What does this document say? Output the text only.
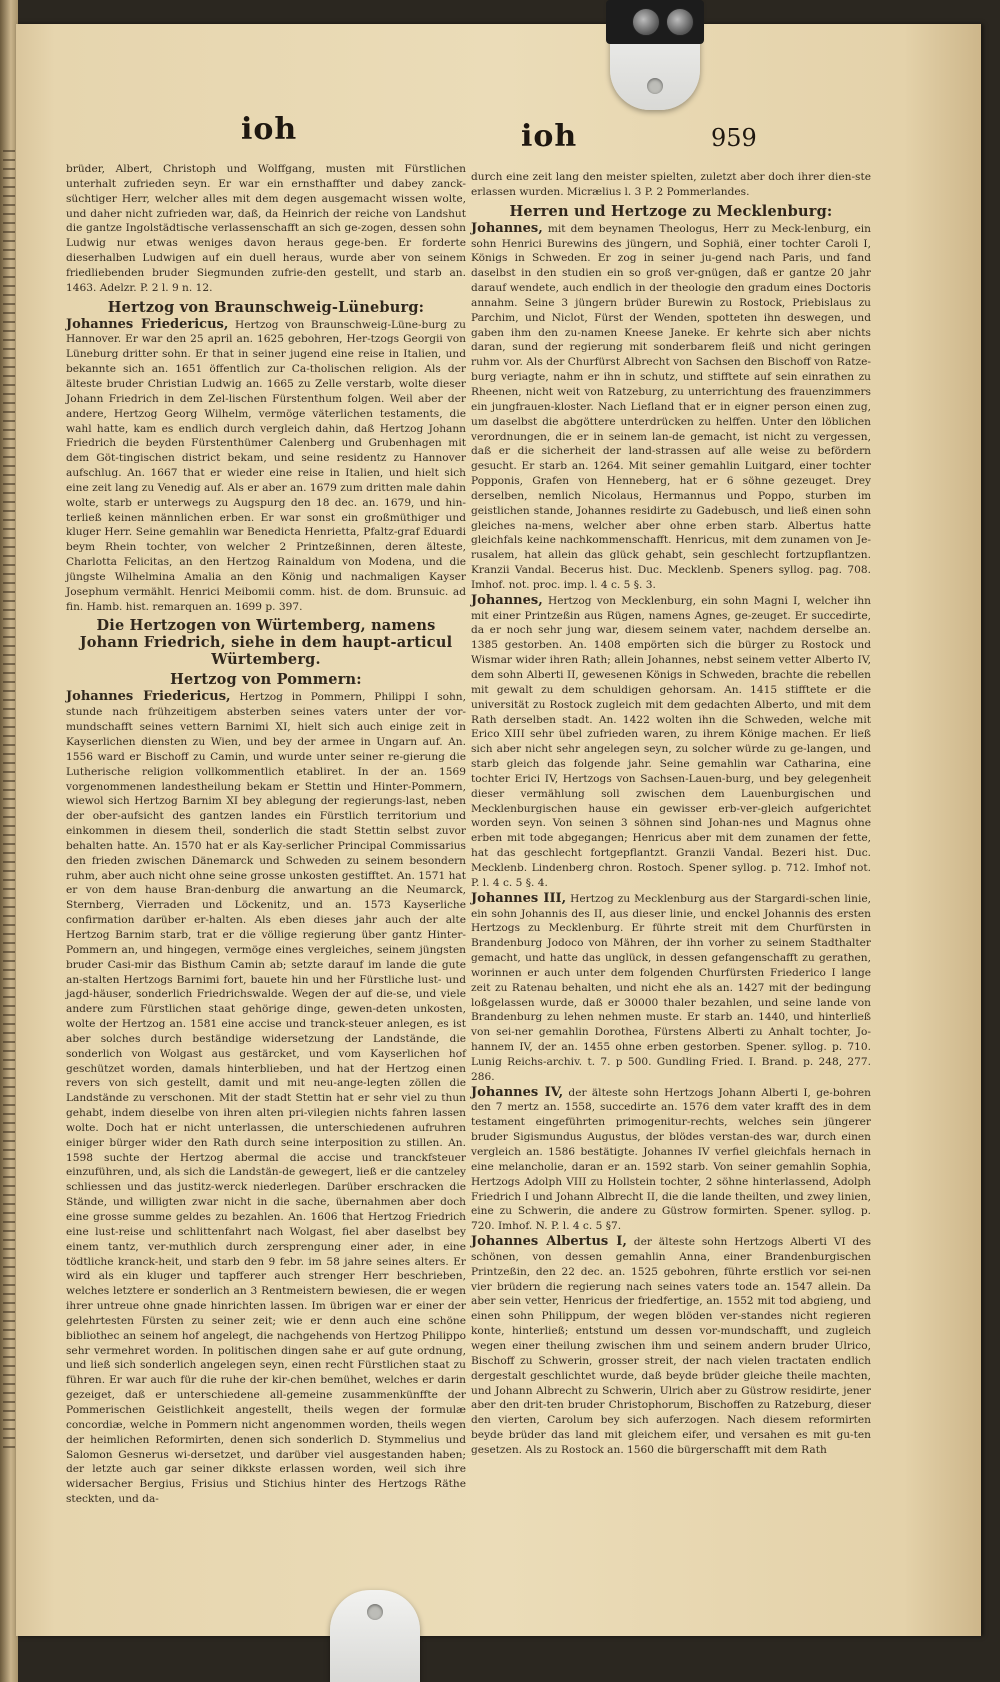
ioh	ioh	959

brüder, Albert, Christoph und Wolffgang, musten mit Fürstlichen unterhalt zufrieden seyn. Er war ein ernsthaffter und dabey zanck-süchtiger Herr, welcher alles mit dem degen ausgemacht wissen wolte, und daher nicht zufrieden war, daß, da Heinrich der reiche von Landshut die gantze Ingolstädtische verlassenschafft an sich ge-zogen, dessen sohn Ludwig nur etwas weniges davon heraus gege-ben. Er forderte dieserhalben Ludwigen auf ein duell heraus, wurde aber von seinem friedliebenden bruder Siegmunden zufrie-den gestellt, und starb an. 1463. Adelzr. P. 2 l. 9 n. 12.

Hertzog von Braunschweig-Lüneburg:

Johannes Friedericus, Hertzog von Braunschweig-Lüne-burg zu Hannover. Er war den 25 april an. 1625 gebohren, Her-tzogs Georgii von Lüneburg dritter sohn. Er that in seiner jugend eine reise in Italien, und bekannte sich an. 1651 öffentlich zur Ca-tholischen religion. Als der älteste bruder Christian Ludwig an. 1665 zu Zelle verstarb, wolte dieser Johann Friedrich in dem Zel-lischen Fürstenthum folgen. Weil aber der andere, Hertzog Georg Wilhelm, vermöge väterlichen testaments, die wahl hatte, kam es endlich durch vergleich dahin, daß Hertzog Johann Friedrich die beyden Fürstenthümer Calenberg und Grubenhagen mit dem Göt-tingischen district bekam, und seine residentz zu Hannover aufschlug. An. 1667 that er wieder eine reise in Italien, und hielt sich eine zeit lang zu Venedig auf. Als er aber an. 1679 zum dritten male dahin wolte, starb er unterwegs zu Augspurg den 18 dec. an. 1679, und hin-terließ keinen männlichen erben. Er war sonst ein großmüthiger und kluger Herr. Seine gemahlin war Benedicta Henrietta, Pfaltz-graf Eduardi beym Rhein tochter, von welcher 2 Printzeßinnen, deren älteste, Charlotta Felicitas, an den Hertzog Rainaldum von Modena, und die jüngste Wilhelmina Amalia an den König und nachmaligen Kayser Josephum vermählt. Henrici Meibomii comm. hist. de dom. Brunsuic. ad fin. Hamb. hist. remarquen an. 1699 p. 397.

Die Hertzogen von Würtemberg, namens Johann Friedrich, siehe in dem haupt-articul Würtemberg.
Hertzog von Pommern:

Johannes Friedericus, Hertzog in Pommern, Philippi I sohn, stunde nach frühzeitigem absterben seines vaters unter der vor-mundschafft seines vettern Barnimi XI, hielt sich auch einige zeit in Kayserlichen diensten zu Wien, und bey der armee in Ungarn auf. An. 1556 ward er Bischoff zu Camin, und wurde unter seiner re-gierung die Lutherische religion vollkommentlich etabliret. In der an. 1569 vorgenommenen landestheilung bekam er Stettin und Hinter-Pommern, wiewol sich Hertzog Barnim XI bey ablegung der regierungs-last, neben der ober-aufsicht des gantzen landes ein Fürstlich territorium und einkommen in diesem theil, sonderlich die stadt Stettin selbst zuvor behalten hatte. An. 1570 hat er als Kay-serlicher Principal Commissarius den frieden zwischen Dänemarck und Schweden zu seinem besondern ruhm, aber auch nicht ohne seine grosse unkosten gestifftet. An. 1571 hat er von dem hause Bran-denburg die anwartung an die Neumarck, Sternberg, Vierraden und Löckenitz, und an. 1573 Kayserliche confirmation darüber er-halten. Als eben dieses jahr auch der alte Hertzog Barnim starb, trat er die völlige regierung über gantz Hinter-Pommern an, und hingegen, vermöge eines vergleiches, seinem jüngsten bruder Casi-mir das Bisthum Camin ab; setzte darauf im lande die gute an-stalten Hertzogs Barnimi fort, bauete hin und her Fürstliche lust- und jagd-häuser, sonderlich Friedrichswalde. Wegen der auf die-se, und viele andere zum Fürstlichen staat gehörige dinge, gewen-deten unkosten, wolte der Hertzog an. 1581 eine accise und tranck-steuer anlegen, es ist aber solches durch beständige widersetzung der Landstände, die sonderlich von Wolgast aus gestärcket, und vom Kayserlichen hof geschützet worden, damals hinterblieben, und hat der Hertzog einen revers von sich gestellt, damit und mit neu-ange-legten zöllen die Landstände zu verschonen. Mit der stadt Stettin hat er sehr viel zu thun gehabt, indem dieselbe von ihren alten pri-vilegien nichts fahren lassen wolte. Doch hat er nicht unterlassen, die unterschiedenen aufruhren einiger bürger wider den Rath durch seine interposition zu stillen. An. 1598 suchte der Hertzog abermal die accise und tranckfsteuer einzuführen, und, als sich die Landstän-de gewegert, ließ er die cantzeley schliessen und das justitz-werck niederlegen. Darüber erschracken die Stände, und willigten zwar nicht in die sache, übernahmen aber doch eine grosse summe geldes zu bezahlen. An. 1606 that Hertzog Friedrich eine lust-reise und schlittenfahrt nach Wolgast, fiel aber daselbst bey einem tantz, ver-muthlich durch zersprengung einer ader, in eine tödtliche kranck-heit, und starb den 9 febr. im 58 jahre seines alters. Er wird als ein kluger und tapfferer auch strenger Herr beschrieben, welches letztere er sonderlich an 3 Rentmeistern bewiesen, die er wegen ihrer untreue ohne gnade hinrichten lassen. Im übrigen war er einer der gelehrtesten Fürsten zu seiner zeit; wie er denn auch eine schöne bibliothec an seinem hof angelegt, die nachgehends von Hertzog Philippo sehr vermehret worden. In politischen dingen sahe er auf gute ordnung, und ließ sich sonderlich angelegen seyn, einen recht Fürstlichen staat zu führen. Er war auch für die ruhe der kir-chen bemühet, welches er darin gezeiget, daß er unterschiedene all-gemeine zusammenkünffte der Pommerischen Geistlichkeit angestellt, theils wegen der formulæ concordiæ, welche in Pommern nicht angenommen worden, theils wegen der heimlichen Reformirten, denen sich sonderlich D. Stymmelius und Salomon Gesnerus wi-dersetzet, und darüber viel ausgestanden haben; der letzte auch gar seiner dikkste erlassen worden, weil sich ihre widersacher Bergius, Frisius und Stichius hinter des Hertzogs Räthe steckten, und da-

durch eine zeit lang den meister spielten, zuletzt aber doch ihrer dien-ste erlassen wurden. Micrælius l. 3 P. 2 Pommerlandes.

Herren und Hertzoge zu Mecklenburg:

Johannes, mit dem beynamen Theologus, Herr zu Meck-lenburg, ein sohn Henrici Burewins des jüngern, und Sophiä, einer tochter Caroli I, Königs in Schweden. Er zog in seiner ju-gend nach Paris, und fand daselbst in den studien ein so groß ver-gnügen, daß er gantze 20 jahr darauf wendete, auch endlich in der theologie den gradum eines Doctoris annahm. Seine 3 jüngern brüder Burewin zu Rostock, Priebislaus zu Parchim, und Niclot, Fürst der Wenden, spotteten ihn deswegen, und gaben ihm den zu-namen Kneese Janeke. Er kehrte sich aber nichts daran, sund der regierung mit sonderbarem fleiß und nicht geringen ruhm vor. Als der Churfürst Albrecht von Sachsen den Bischoff von Ratze-burg veriagte, nahm er ihn in schutz, und stifftete auf sein einrathen zu Rheenen, nicht weit von Ratzeburg, zu unterrichtung des frauenzimmers ein jungfrauen-kloster. Nach Liefland that er in eigner person einen zug, um daselbst die abgöttere unterdrücken zu helffen. Unter den löblichen verordnungen, die er in seinem lan-de gemacht, ist nicht zu vergessen, daß er die sicherheit der land-strassen auf alle weise zu befördern gesucht. Er starb an. 1264. Mit seiner gemahlin Luitgard, einer tochter Popponis, Grafen von Henneberg, hat er 6 söhne gezeuget. Drey derselben, nemlich Nicolaus, Hermannus und Poppo, sturben im geistlichen stande, Johannes residirte zu Gadebusch, und ließ einen sohn gleiches na-mens, welcher aber ohne erben starb. Albertus hatte gleichfals keine nachkommenschafft. Henricus, mit dem zunamen von Je-rusalem, hat allein das glück gehabt, sein geschlecht fortzupflantzen. Kranzii Vandal. Becerus hist. Duc. Mecklenb. Speners syllog. pag. 708. Imhof. not. proc. imp. l. 4 c. 5 §. 3.

Johannes, Hertzog von Mecklenburg, ein sohn Magni I, welcher ihn mit einer Printzeßin aus Rügen, namens Agnes, ge-zeuget. Er succedirte, da er noch sehr jung war, diesem seinem vater, nachdem derselbe an. 1385 gestorben. An. 1408 empörten sich die bürger zu Rostock und Wismar wider ihren Rath; allein Johannes, nebst seinem vetter Alberto IV, dem sohn Alberti II, gewesenen Königs in Schweden, brachte die rebellen mit gewalt zu dem schuldigen gehorsam. An. 1415 stifftete er die universität zu Rostock zugleich mit dem gedachten Alberto, und mit dem Rath derselben stadt. An. 1422 wolten ihn die Schweden, welche mit Erico XIII sehr übel zufrieden waren, zu ihrem Könige machen. Er ließ sich aber nicht sehr angelegen seyn, zu solcher würde zu ge-langen, und starb gleich das folgende jahr. Seine gemahlin war Catharina, eine tochter Erici IV, Hertzogs von Sachsen-Lauen-burg, und bey gelegenheit dieser vermählung soll zwischen dem Lauenburgischen und Mecklenburgischen hause ein gewisser erb-ver-gleich aufgerichtet worden seyn. Von seinen 3 söhnen sind Johan-nes und Magnus ohne erben mit tode abgegangen; Henricus aber mit dem zunamen der fette, hat das geschlecht fortgepflantzt. Granzii Vandal. Bezeri hist. Duc. Mecklenb. Lindenberg chron. Rostoch. Spener syllog. p. 712. Imhof not. P. l. 4 c. 5 §. 4.

Johannes III, Hertzog zu Mecklenburg aus der Stargardi-schen linie, ein sohn Johannis des II, aus dieser linie, und enckel Johannis des ersten Hertzogs zu Mecklenburg. Er führte streit mit dem Churfürsten in Brandenburg Jodoco von Mähren, der ihn vorher zu seinem Stadthalter gemacht, und hatte das unglück, in dessen gefangenschafft zu gerathen, worinnen er auch unter dem folgenden Churfürsten Friederico I lange zeit zu Ratenau behalten, und nicht ehe als an. 1427 mit der bedingung loßgelassen wurde, daß er 30000 thaler bezahlen, und seine lande von Brandenburg zu lehen nehmen muste. Er starb an. 1440, und hinterließ von sei-ner gemahlin Dorothea, Fürstens Alberti zu Anhalt tochter, Jo-hannem IV, der an. 1455 ohne erben gestorben. Spener. syllog. p. 710. Lunig Reichs-archiv. t. 7. p 500. Gundling Fried. I. Brand. p. 248, 277. 286.

Johannes IV, der älteste sohn Hertzogs Johann Alberti I, ge-bohren den 7 mertz an. 1558, succedirte an. 1576 dem vater krafft des in dem testament eingeführten primogenitur-rechts, welches sein jüngerer bruder Sigismundus Augustus, der blödes verstan-des war, durch einen vergleich an. 1586 bestätigte. Johannes IV verfiel gleichfals hernach in eine melancholie, daran er an. 1592 starb. Von seiner gemahlin Sophia, Hertzogs Adolph VIII zu Hollstein tochter, 2 söhne hinterlassend, Adolph Friedrich I und Johann Albrecht II, die die lande theilten, und zwey linien, eine zu Schwerin, die andere zu Güstrow formirten. Spener. syllog. p. 720. Imhof. N. P. l. 4 c. 5 §7.

Johannes Albertus I, der älteste sohn Hertzogs Alberti VI des schönen, von dessen gemahlin Anna, einer Brandenburgischen Printzeßin, den 22 dec. an. 1525 gebohren, führte erstlich vor sei-nen vier brüdern die regierung nach seines vaters tode an. 1547 allein. Da aber sein vetter, Henricus der friedfertige, an. 1552 mit tod abgieng, und einen sohn Philippum, der wegen blöden ver-standes nicht regieren konte, hinterließ; entstund um dessen vor-mundschafft, und zugleich wegen einer theilung zwischen ihm und seinem andern bruder Ulrico, Bischoff zu Schwerin, grosser streit, der nach vielen tractaten endlich dergestalt geschlichtet wurde, daß beyde brüder gleiche theile machten, und Johann Albrecht zu Schwerin, Ulrich aber zu Güstrow residirte, jener aber den drit-ten bruder Christophorum, Bischoffen zu Ratzeburg, dieser den vierten, Carolum bey sich auferzogen. Nach diesem reformirten beyde brüder das land mit gleichem eifer, und versahen es mit gu-ten gesetzen. Als zu Rostock an. 1560 die bürgerschafft mit dem Rath
